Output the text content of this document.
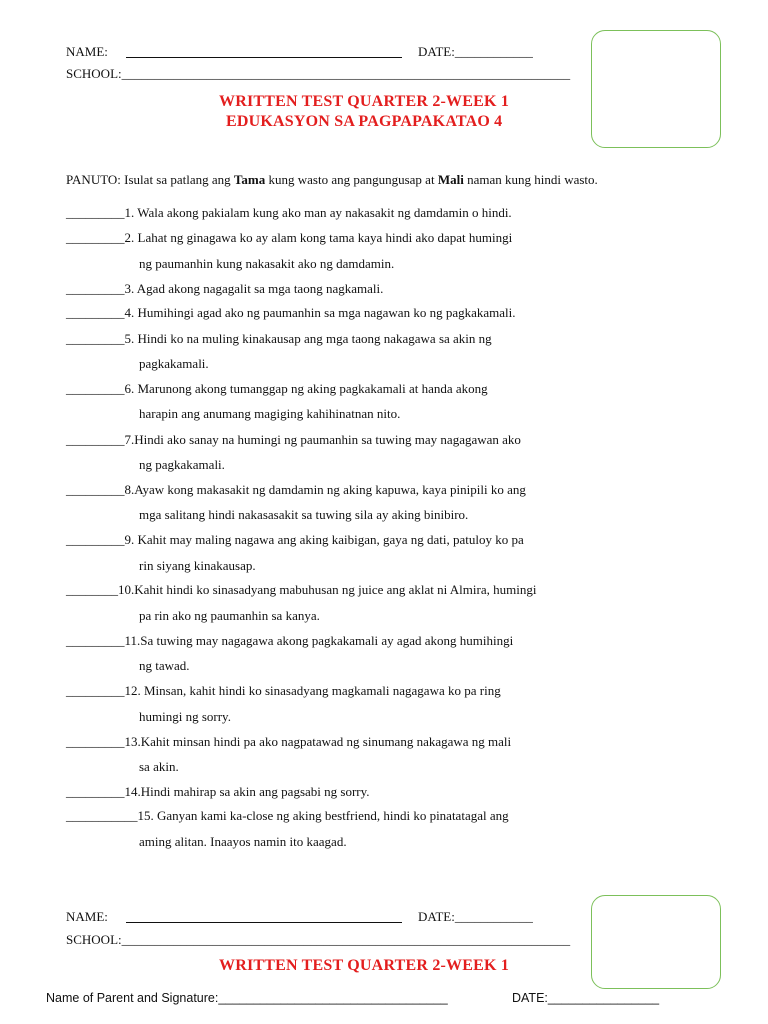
NAME:	DATE:____________
SCHOOL:_____________________________________________________________________
WRITTEN TEST QUARTER 2-WEEK 1
EDUKASYON SA PAGPAPAKATAO 4
PANUTO: Isulat sa patlang ang Tama kung wasto ang pangungusap at Mali naman kung hindi wasto.
_________1. Wala akong pakialam kung ako man ay nakasakit ng damdamin o hindi.
_________2. Lahat ng ginagawa ko ay alam kong tama kaya hindi ako dapat humingi
ng paumanhin kung nakasakit ako ng damdamin.
_________3. Agad akong nagagalit sa mga taong nagkamali.
_________4. Humihingi agad ako ng paumanhin sa mga nagawan ko ng pagkakamali.
_________5. Hindi ko na muling kinakausap ang mga taong nakagawa sa akin ng
pagkakamali.
_________6. Marunong akong tumanggap ng aking pagkakamali at handa akong
harapin ang anumang magiging kahihinatnan nito.
_________7.Hindi ako sanay na humingi ng paumanhin sa tuwing may nagagawan ako
ng pagkakamali.
_________8.Ayaw kong makasakit ng damdamin ng aking kapuwa, kaya pinipili ko ang
mga salitang hindi nakasasakit sa tuwing sila ay aking binibiro.
_________9. Kahit may maling nagawa ang aking kaibigan, gaya ng dati, patuloy ko pa
rin siyang kinakausap.
________10.Kahit hindi ko sinasadyang mabuhusan ng juice ang aklat ni Almira, humingi
pa rin ako ng paumanhin sa kanya.
_________11.Sa tuwing may nagagawa akong pagkakamali ay agad akong humihingi
ng tawad.
_________12. Minsan, kahit hindi ko sinasadyang magkamali nagagawa ko pa ring
humingi ng sorry.
_________13.Kahit minsan hindi pa ako nagpatawad ng sinumang nakagawa ng mali
sa akin.
_________14.Hindi mahirap sa akin ang pagsabi ng sorry.
___________15. Ganyan kami ka-close ng aking bestfriend, hindi ko pinatatagal ang
aming alitan. Inaayos namin ito kaagad.
NAME:	DATE:____________
SCHOOL:_____________________________________________________________________
WRITTEN TEST QUARTER 2-WEEK 1
Name of Parent and Signature:_________________________________	DATE:________________
